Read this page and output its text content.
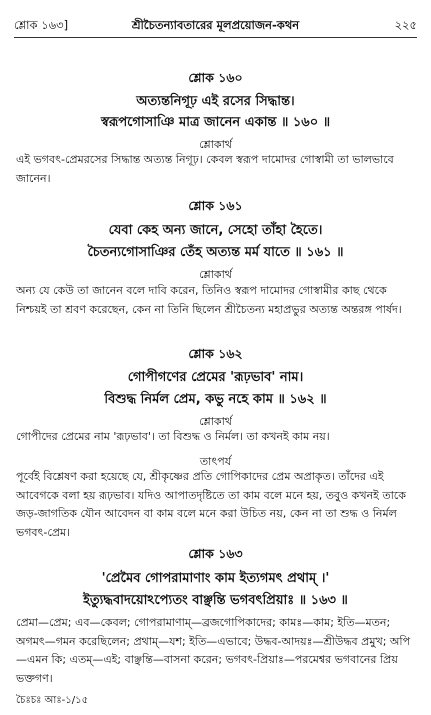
শ্লোক ১৬৩]	শ্রীচৈতন্যাবতারের মূলপ্রয়োজন-কথন	২২৫
শ্লোক ১৬০
অত্যন্তনিগূঢ় এই রসের সিদ্ধান্ত।
স্বরূপগোসাঞি মাত্র জানেন একান্ত ॥ ১৬০ ॥
শ্লোকার্থ
এই ভগবৎ-প্রেমরসের সিদ্ধান্ত অত্যন্ত নিগূঢ়। কেবল স্বরূপ দামোদর গোস্বামী তা ভালভাবে জানেন।
শ্লোক ১৬১
যেবা কেহ অন্য জানে, সেহো তাঁহা হৈতে।
চৈতন্যগোসাঞির তেঁহ অত্যন্ত মর্ম যাতে ॥ ১৬১ ॥
শ্লোকার্থ
অন্য যে কেউ তা জানেন বলে দাবি করেন, তিনিও স্বরূপ দামোদর গোস্বামীর কাছ থেকে নিশ্চয়ই তা শ্রবণ করেছেন, কেন না তিনি ছিলেন শ্রীচৈতন্য মহাপ্রভুর অত্যন্ত অন্তরঙ্গ পার্ষদ।
শ্লোক ১৬২
গোপীগণের প্রেমের 'রূঢ়ভাব' নাম।
বিশুদ্ধ নির্মল প্রেম, কভু নহে কাম ॥ ১৬২ ॥
শ্লোকার্থ
গোপীদের প্রেমের নাম 'রূঢ়ভাব'। তা বিশুদ্ধ ও নির্মল। তা কখনই কাম নয়।
তাৎপর্য
পূর্বেই বিশ্লেষণ করা হয়েছে যে, শ্রীকৃষ্ণের প্রতি গোপিকাদের প্রেম অপ্রাকৃত। তাঁদের এই আবেগকে বলা হয় রূঢ়ভাব। যদিও আপাতদৃষ্টিতে তা কাম বলে মনে হয়, তবুও কখনই তাকে জড়-জাগতিক যৌন আবেদন বা কাম বলে মনে করা উচিত নয়, কেন না তা শুদ্ধ ও নির্মল ভগবৎ-প্রেম।
শ্লোক ১৬৩
'প্রেমৈব গোপরামাণাং কাম ইত্যগমৎ প্রথাম্ ।'
ইত্যুদ্ধবাদয়োঽপ্যেতং বাঞ্ছন্তি ভগবৎপ্রিয়াঃ ॥ ১৬৩ ॥
প্রেমা—প্রেম; এব—কেবল; গোপরামাণাম্—ব্রজগোপিকাদের; কামঃ—কাম; ইতি—মতন; অগমৎ—গমন করেছিলেন; প্রথাম্—যশ; ইতি—এভাবে; উদ্ধব-আদয়ঃ—শ্রীউদ্ধব প্রমুখ; অপি—এমন কি; এতম্—এই; বাঞ্ছন্তি—বাসনা করেন; ভগবৎ-প্রিয়াঃ—পরমেশ্বর ভগবানের প্রিয় ভক্তগণ।
চৈঃচঃ আঃ-১/১৫
